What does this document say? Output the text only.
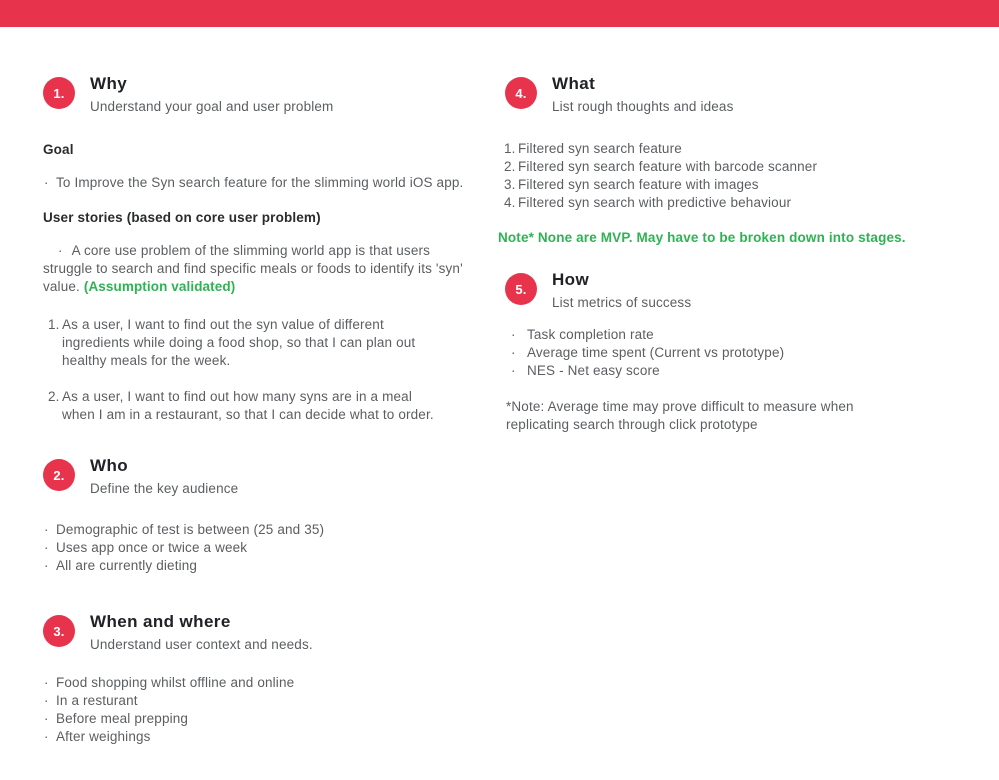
1.	Why
Understand your goal and user problem
Goal
· To Improve the Syn search feature for the slimming world iOS app.
User stories (based on core user problem)

· A core use problem of the slimming world app is that users struggle to search and find specific meals or foods to identify its 'syn' value. (Assumption validated)

As a user, I want to find out the syn value of different ingredients while doing a food shop, so that I can plan out healthy meals for the week.
As a user, I want to find out how many syns are in a meal when I am in a restaurant, so that I can decide what to order.
2.	Who
Define the key audience
· Demographic of test is between (25 and 35)
· Uses app once or twice a week
· All are currently dieting
3.	When and where
Understand user context and needs.
· Food shopping whilst offline and online
· In a resturant
· Before meal prepping
· After weighings
4.	What
List rough thoughts and ideas
Filtered syn search feature
Filtered syn search feature with barcode scanner
Filtered syn search feature with images
Filtered syn search with predictive behaviour
Note* None are MVP. May have to be broken down into stages.
5.	How
List metrics of success
· Task completion rate
· Average time spent (Current vs prototype)
· NES - Net easy score

*Note: Average time may prove difficult to measure when replicating search through click prototype
